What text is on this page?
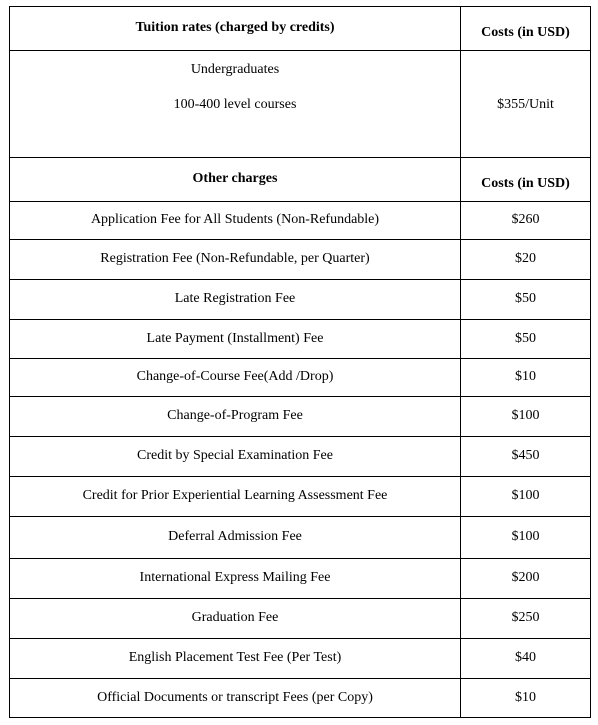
Tuition rates (charged by credits)	Costs (in USD)

Undergraduates
100-400 level courses	$355/Unit
Other charges	Costs (in USD)
Application Fee for All Students (Non-Refundable)	$260
Registration Fee (Non-Refundable, per Quarter)	$20
Late Registration Fee	$50
Late Payment (Installment) Fee	$50
Change-of-Course Fee(Add /Drop)	$10
Change-of-Program Fee	$100
Credit by Special Examination Fee	$450
Credit for Prior Experiential Learning Assessment Fee	$100
Deferral Admission Fee	$100
International Express Mailing Fee	$200
Graduation Fee	$250
English Placement Test Fee (Per Test)	$40
Official Documents or transcript Fees (per Copy)	$10
